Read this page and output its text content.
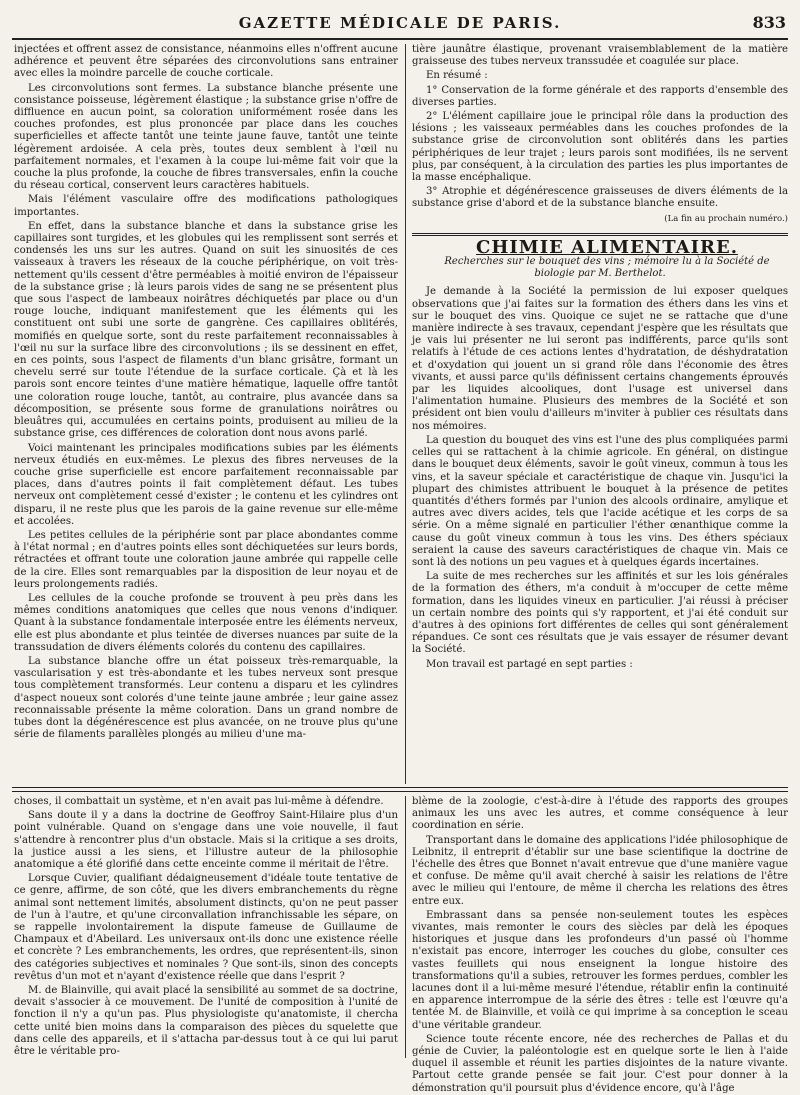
GAZETTE MÉDICALE DE PARIS.	833

injectées et offrent assez de consistance, néanmoins elles n'offrent aucune adhérence et peuvent être séparées des circonvolutions sans entrainer avec elles la moindre parcelle de couche corticale.

Les circonvolutions sont fermes. La substance blanche présente une consistance poisseuse, légèrement élastique ; la substance grise n'offre de diffluence en aucun point, sa coloration uniformément rosée dans les couches profondes, est plus prononcée par place dans les couches superficielles et affecte tantôt une teinte jaune fauve, tantôt une teinte légèrement ardoisée. A cela près, toutes deux semblent à l'œil nu parfaitement normales, et l'examen à la coupe lui-même fait voir que la couche la plus profonde, la couche de fibres transversales, enfin la couche du réseau cortical, conservent leurs caractères habituels.

Mais l'élément vasculaire offre des modifications pathologiques importantes.

En effet, dans la substance blanche et dans la substance grise les capillaires sont turgides, et les globules qui les remplissent sont serrés et condensés les uns sur les autres. Quand on suit les sinuosités de ces vaisseaux à travers les réseaux de la couche périphérique, on voit très-nettement qu'ils cessent d'être perméables à moitié environ de l'épaisseur de la substance grise ; là leurs parois vides de sang ne se présentent plus que sous l'aspect de lambeaux noirâtres déchiquetés par place ou d'un rouge louche, indiquant manifestement que les éléments qui les constituent ont subi une sorte de gangrène. Ces capillaires oblitérés, momifiés en quelque sorte, sont du reste parfaitement reconnaissables à l'œil nu sur la surface libre des circonvolutions ; ils se dessinent en effet, en ces points, sous l'aspect de filaments d'un blanc grisâtre, formant un chevelu serré sur toute l'étendue de la surface corticale. Çà et là les parois sont encore teintes d'une matière hématique, laquelle offre tantôt une coloration rouge louche, tantôt, au contraire, plus avancée dans sa décomposition, se présente sous forme de granulations noirâtres ou bleuâtres qui, accumulées en certains points, produisent au milieu de la substance grise, ces différences de coloration dont nous avons parlé.

Voici maintenant les principales modifications subies par les éléments nerveux étudiés en eux-mêmes. Le plexus des fibres nerveuses de la couche grise superficielle est encore parfaitement reconnaissable par places, dans d'autres points il fait complètement défaut. Les tubes nerveux ont complètement cessé d'exister ; le contenu et les cylindres ont disparu, il ne reste plus que les parois de la gaine revenue sur elle-même et accolées.

Les petites cellules de la périphérie sont par place abondantes comme à l'état normal ; en d'autres points elles sont déchiquetées sur leurs bords, rétractées et offrant toute une coloration jaune ambrée qui rappelle celle de la cire. Elles sont remarquables par la disposition de leur noyau et de leurs prolongements radiés.

Les cellules de la couche profonde se trouvent à peu près dans les mêmes conditions anatomiques que celles que nous venons d'indiquer. Quant à la substance fondamentale interposée entre les éléments nerveux, elle est plus abondante et plus teintée de diverses nuances par suite de la transsudation de divers éléments colorés du contenu des capillaires.

La substance blanche offre un état poisseux très-remarquable, la vascularisation y est très-abondante et les tubes nerveux sont presque tous complètement transformés. Leur contenu a disparu et les cylindres d'aspect noueux sont colorés d'une teinte jaune ambrée ; leur gaine assez reconnaissable présente la même coloration. Dans un grand nombre de tubes dont la dégénérescence est plus avancée, on ne trouve plus qu'une série de filaments parallèles plongés au milieu d'une ma-

tière jaunâtre élastique, provenant vraisemblablement de la matière graisseuse des tubes nerveux transsudée et coagulée sur place.

En résumé :

1° Conservation de la forme générale et des rapports d'ensemble des diverses parties.

2° L'élément capillaire joue le principal rôle dans la production des lésions ; les vaisseaux perméables dans les couches profondes de la substance grise de circonvolution sont oblitérés dans les parties périphériques de leur trajet ; leurs parois sont modifiées, ils ne servent plus, par conséquent, à la circulation des parties les plus importantes de la masse encéphalique.

3° Atrophie et dégénérescence graisseuses de divers éléments de la substance grise d'abord et de la substance blanche ensuite.

(La fin au prochain numéro.)

CHIMIE ALIMENTAIRE.

Recherches sur le bouquet des vins ; mémoire lu à la Société de biologie par M. Berthelot.

Je demande à la Société la permission de lui exposer quelques observations que j'ai faites sur la formation des éthers dans les vins et sur le bouquet des vins. Quoique ce sujet ne se rattache que d'une manière indirecte à ses travaux, cependant j'espère que les résultats que je vais lui présenter ne lui seront pas indifférents, parce qu'ils sont relatifs à l'étude de ces actions lentes d'hydratation, de déshydratation et d'oxydation qui jouent un si grand rôle dans l'économie des êtres vivants, et aussi parce qu'ils définissent certains changements éprouvés par les liquides alcooliques, dont l'usage est universel dans l'alimentation humaine. Plusieurs des membres de la Société et son président ont bien voulu d'ailleurs m'inviter à publier ces résultats dans nos mémoires.

La question du bouquet des vins est l'une des plus compliquées parmi celles qui se rattachent à la chimie agricole. En général, on distingue dans le bouquet deux éléments, savoir le goût vineux, commun à tous les vins, et la saveur spéciale et caractéristique de chaque vin. Jusqu'ici la plupart des chimistes attribuent le bouquet à la présence de petites quantités d'éthers formés par l'union des alcools ordinaire, amylique et autres avec divers acides, tels que l'acide acétique et les corps de sa série. On a même signalé en particulier l'éther œnanthique comme la cause du goût vineux commun à tous les vins. Des éthers spéciaux seraient la cause des saveurs caractéristiques de chaque vin. Mais ce sont là des notions un peu vagues et à quelques égards incertaines.

La suite de mes recherches sur les affinités et sur les lois générales de la formation des éthers, m'a conduit à m'occuper de cette même formation, dans les liquides vineux en particulier. J'ai réussi à préciser un certain nombre des points qui s'y rapportent, et j'ai été conduit sur d'autres à des opinions fort différentes de celles qui sont généralement répandues. Ce sont ces résultats que je vais essayer de résumer devant la Société.

Mon travail est partagé en sept parties :

choses, il combattait un système, et n'en avait pas lui-même à défendre.

Sans doute il y a dans la doctrine de Geoffroy Saint-Hilaire plus d'un point vulnérable. Quand on s'engage dans une voie nouvelle, il faut s'attendre à rencontrer plus d'un obstacle. Mais si la critique a ses droits, la justice aussi a les siens, et l'illustre auteur de la philosophie anatomique a été glorifié dans cette enceinte comme il méritait de l'être.

Lorsque Cuvier, qualifiant dédaigneusement d'idéale toute tentative de ce genre, affirme, de son côté, que les divers embranchements du règne animal sont nettement limités, absolument distincts, qu'on ne peut passer de l'un à l'autre, et qu'une circonvallation infranchissable les sépare, on se rappelle involontairement la dispute fameuse de Guillaume de Champaux et d'Abeilard. Les universaux ont-ils donc une existence réelle et concrète ? Les embranchements, les ordres, que représentent-ils, sinon des catégories subjectives et nominales ? Que sont-ils, sinon des concepts revêtus d'un mot et n'ayant d'existence réelle que dans l'esprit ?

M. de Blainville, qui avait placé la sensibilité au sommet de sa doctrine, devait s'associer à ce mouvement. De l'unité de composition à l'unité de fonction il n'y a qu'un pas. Plus physiologiste qu'anatomiste, il chercha cette unité bien moins dans la comparaison des pièces du squelette que dans celle des appareils, et il s'attacha par-dessus tout à ce qui lui parut être le véritable pro-

blème de la zoologie, c'est-à-dire à l'étude des rapports des groupes animaux les uns avec les autres, et comme conséquence à leur coordination en série.

Transportant dans le domaine des applications l'idée philosophique de Leibnitz, il entreprit d'établir sur une base scientifique la doctrine de l'échelle des êtres que Bonnet n'avait entrevue que d'une manière vague et confuse. De même qu'il avait cherché à saisir les relations de l'être avec le milieu qui l'entoure, de même il chercha les relations des êtres entre eux.

Embrassant dans sa pensée non-seulement toutes les espèces vivantes, mais remonter le cours des siècles par delà les époques historiques et jusque dans les profondeurs d'un passé où l'homme n'existait pas encore, interroger les couches du globe, consulter ces vastes feuillets qui nous enseignent la longue histoire des transformations qu'il a subies, retrouver les formes perdues, combler les lacunes dont il a lui-même mesuré l'étendue, rétablir enfin la continuité en apparence interrompue de la série des êtres : telle est l'œuvre qu'a tentée M. de Blainville, et voilà ce qui imprime à sa conception le sceau d'une véritable grandeur.

Science toute récente encore, née des recherches de Pallas et du génie de Cuvier, la paléontologie est en quelque sorte le lien à l'aide duquel il assemble et réunit les parties disjointes de la nature vivante. Partout cette grande pensée se fait jour. C'est pour donner à la démonstration qu'il poursuit plus d'évidence encore, qu'à l'âge
